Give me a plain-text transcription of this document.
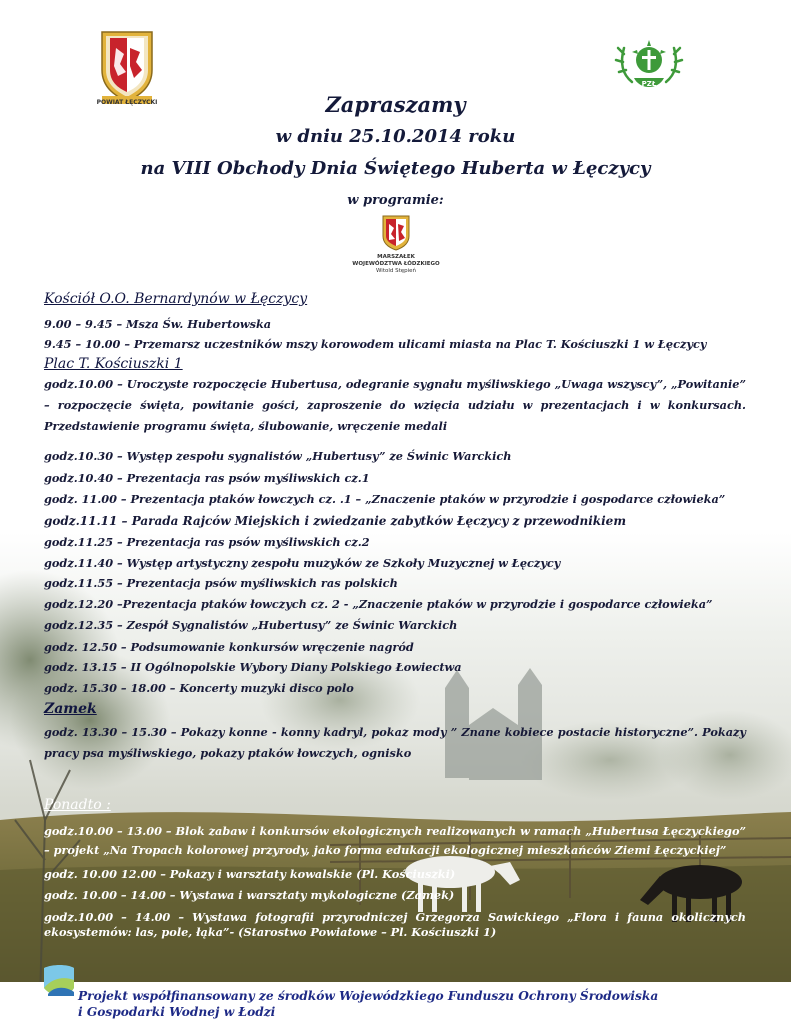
POWIAT ŁĘCZYCKI
PZŁ
MARSZAŁEK
WOJEWÓDZTWA ŁÓDZKIEGO
Witold Stępień
Zapraszamy
w dniu 25.10.2014 roku
na VIII Obchody Dnia Świętego Huberta w Łęczycy
w programie:
Kościół O.O. Bernardynów w Łęczycy
9.00 – 9.45 – Msza Św. Hubertowska
9.45 – 10.00 – Przemarsz uczestników mszy korowodem ulicami miasta na Plac T. Kościuszki 1 w Łęczycy
Plac T. Kościuszki 1
godz.10.00 – Uroczyste rozpoczęcie Hubertusa, odegranie sygnału myśliwskiego „Uwaga wszyscy”, „Powitanie” – rozpoczęcie święta, powitanie gości, zaproszenie do wzięcia udziału w prezentacjach i w konkursach. Przedstawienie programu święta, ślubowanie, wręczenie medali
godz.10.30 – Występ zespołu sygnalistów „Hubertusy” ze Świnic Warckich
godz.10.40 – Prezentacja ras psów myśliwskich cz.1
godz. 11.00 – Prezentacja ptaków łowczych cz. .1 – „Znaczenie ptaków w przyrodzie i gospodarce człowieka”
godz.11.11 – Parada Rajców Miejskich i zwiedzanie zabytków Łęczycy z przewodnikiem
godz.11.25 – Prezentacja ras psów myśliwskich cz.2
godz.11.40 – Występ artystyczny zespołu muzyków ze Szkoły Muzycznej w Łęczycy
godz.11.55 – Prezentacja psów myśliwskich ras polskich
godz.12.20 –Prezentacja ptaków łowczych cz. 2 - „Znaczenie ptaków w przyrodzie i gospodarce człowieka”
godz.12.35 – Zespół Sygnalistów „Hubertusy” ze Świnic Warckich
godz. 12.50 – Podsumowanie konkursów wręczenie nagród
godz. 13.15 – II Ogólnopolskie Wybory Diany Polskiego Łowiectwa
godz. 15.30 – 18.00 – Koncerty muzyki disco polo
Zamek
godz. 13.30 – 15.30 – Pokazy konne - konny kadryl, pokaz mody ” Znane kobiece postacie historyczne”. Pokazy pracy psa myśliwskiego, pokazy ptaków łowczych, ognisko
Ponadto :
godz.10.00 – 13.00 – Blok zabaw i konkursów ekologicznych realizowanych w ramach „Hubertusa Łęczyckiego” – projekt „Na Tropach kolorowej przyrody, jako forma edukacji ekologicznej mieszkańców Ziemi Łęczyckiej”
godz. 10.00 12.00 – Pokazy i warsztaty kowalskie (Pl. Kościuszki)
godz. 10.00 – 14.00 – Wystawa i warsztaty mykologiczne (Zamek)
godz.10.00 – 14.00 – Wystawa fotografii przyrodniczej Grzegorza Sawickiego „Flora i fauna okolicznych ekosystemów: las, pole, łąka”- (Starostwo Powiatowe – Pl. Kościuszki 1)
Projekt współfinansowany ze środków Wojewódzkiego Funduszu Ochrony Środowiska
i Gospodarki Wodnej w Łodzi
